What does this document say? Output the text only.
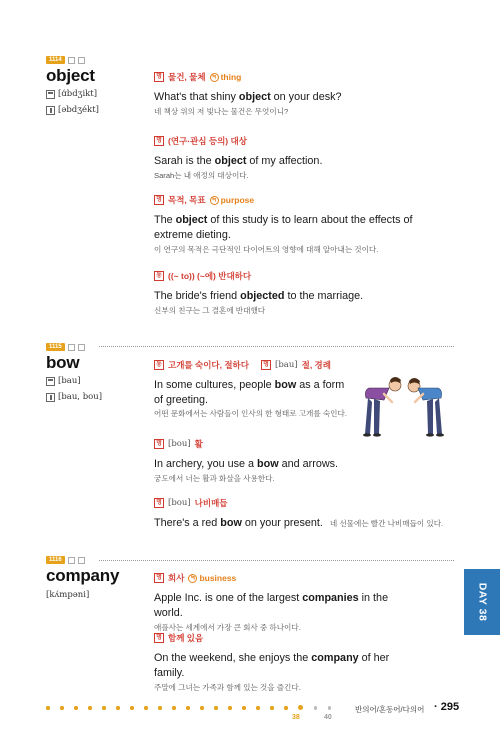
1114
object
[ɑ́bdʒikt]
[əbdʒékt]
명 물건, 물체 ≒ thing
What's that shiny object on your desk?
네 책상 위의 저 빛나는 물건은 무엇이니?
명 (연구·관심 등의) 대상
Sarah is the object of my affection.
Sarah는 내 애정의 대상이다.
명 목적, 목표 ≒ purpose
The object of this study is to learn about the effects of extreme dieting.
이 연구의 목적은 극단적인 다이어트의 영향에 대해 알아내는 것이다.
동 ((~ to)) (~에) 반대하다
The bride's friend objected to the marriage.
신부의 친구는 그 결혼에 반대했다
1115
bow
[bau]
[bau, bou]
동 고개를 숙이다, 절하다	명 [bau] 절, 경례
In some cultures, people bow as a form of greeting.
어떤 문화에서는 사람들이 인사의 한 형태로 고개를 숙인다.
명 [bou] 활
In archery, you use a bow and arrows.
궁도에서 너는 활과 화살을 사용한다.
명 [bou] 나비매듭
There's a red bow on your present. 네 선물에는 빨간 나비매듭이 있다.
1116
company
[kʌ́mpəni]
명 회사 ≒ business
Apple Inc. is one of the largest companies in the world.
애플사는 세계에서 가장 큰 회사 중 하나이다.
명 함께 있음
On the weekend, she enjoys the company of her family.
주말에 그녀는 가족과 함께 있는 것을 즐긴다.
DAY 38
38	40
반의어/혼동어/다의어 · 295
